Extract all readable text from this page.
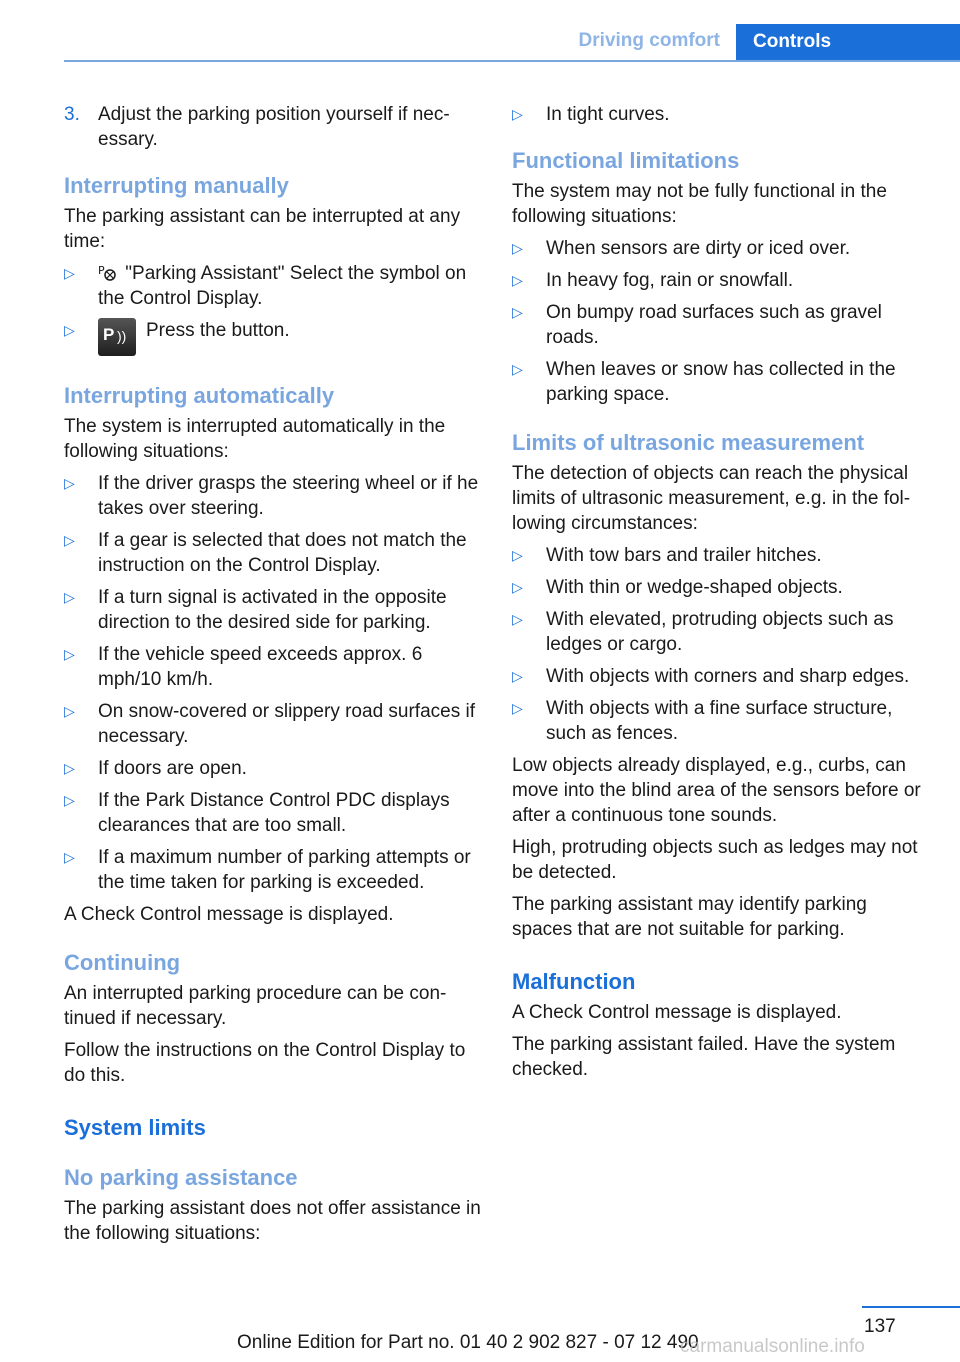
Driving comfort Controls
3. Adjust the parking position yourself if nec-essary.
Interrupting manually

The parking assistant can be interrupted at any time:

▷ P "Parking Assistant" Select the symbol on the Control Display.
▷ P )) Press the button.
Interrupting automatically

The system is interrupted automatically in the following situations:

▷ If the driver grasps the steering wheel or if he takes over steering.
▷ If a gear is selected that does not match the instruction on the Control Display.
▷ If a turn signal is activated in the opposite direction to the desired side for parking.
▷ If the vehicle speed exceeds approx. 6 mph/10 km/h.
▷ On snow-covered or slippery road surfaces if necessary.
▷ If doors are open.
▷ If the Park Distance Control PDC displays clearances that are too small.
▷ If a maximum number of parking attempts or the time taken for parking is exceeded.

A Check Control message is displayed.

Continuing

An interrupted parking procedure can be con-tinued if necessary.

Follow the instructions on the Control Display to do this.

System limits
No parking assistance

The parking assistant does not offer assistance in the following situations:

▷ In tight curves.
Functional limitations

The system may not be fully functional in the following situations:

▷ When sensors are dirty or iced over.
▷ In heavy fog, rain or snowfall.
▷ On bumpy road surfaces such as gravel roads.
▷ When leaves or snow has collected in the parking space.
Limits of ultrasonic measurement

The detection of objects can reach the physical limits of ultrasonic measurement, e.g. in the fol-lowing circumstances:

▷ With tow bars and trailer hitches.
▷ With thin or wedge-shaped objects.
▷ With elevated, protruding objects such as ledges or cargo.
▷ With objects with corners and sharp edges.
▷ With objects with a fine surface structure, such as fences.

Low objects already displayed, e.g., curbs, can move into the blind area of the sensors before or after a continuous tone sounds.

High, protruding objects such as ledges may not be detected.

The parking assistant may identify parking spaces that are not suitable for parking.

Malfunction

A Check Control message is displayed.

The parking assistant failed. Have the system checked.

137
Online Edition for Part no. 01 40 2 902 827 - 07 12 490
carmanualsonline.info
